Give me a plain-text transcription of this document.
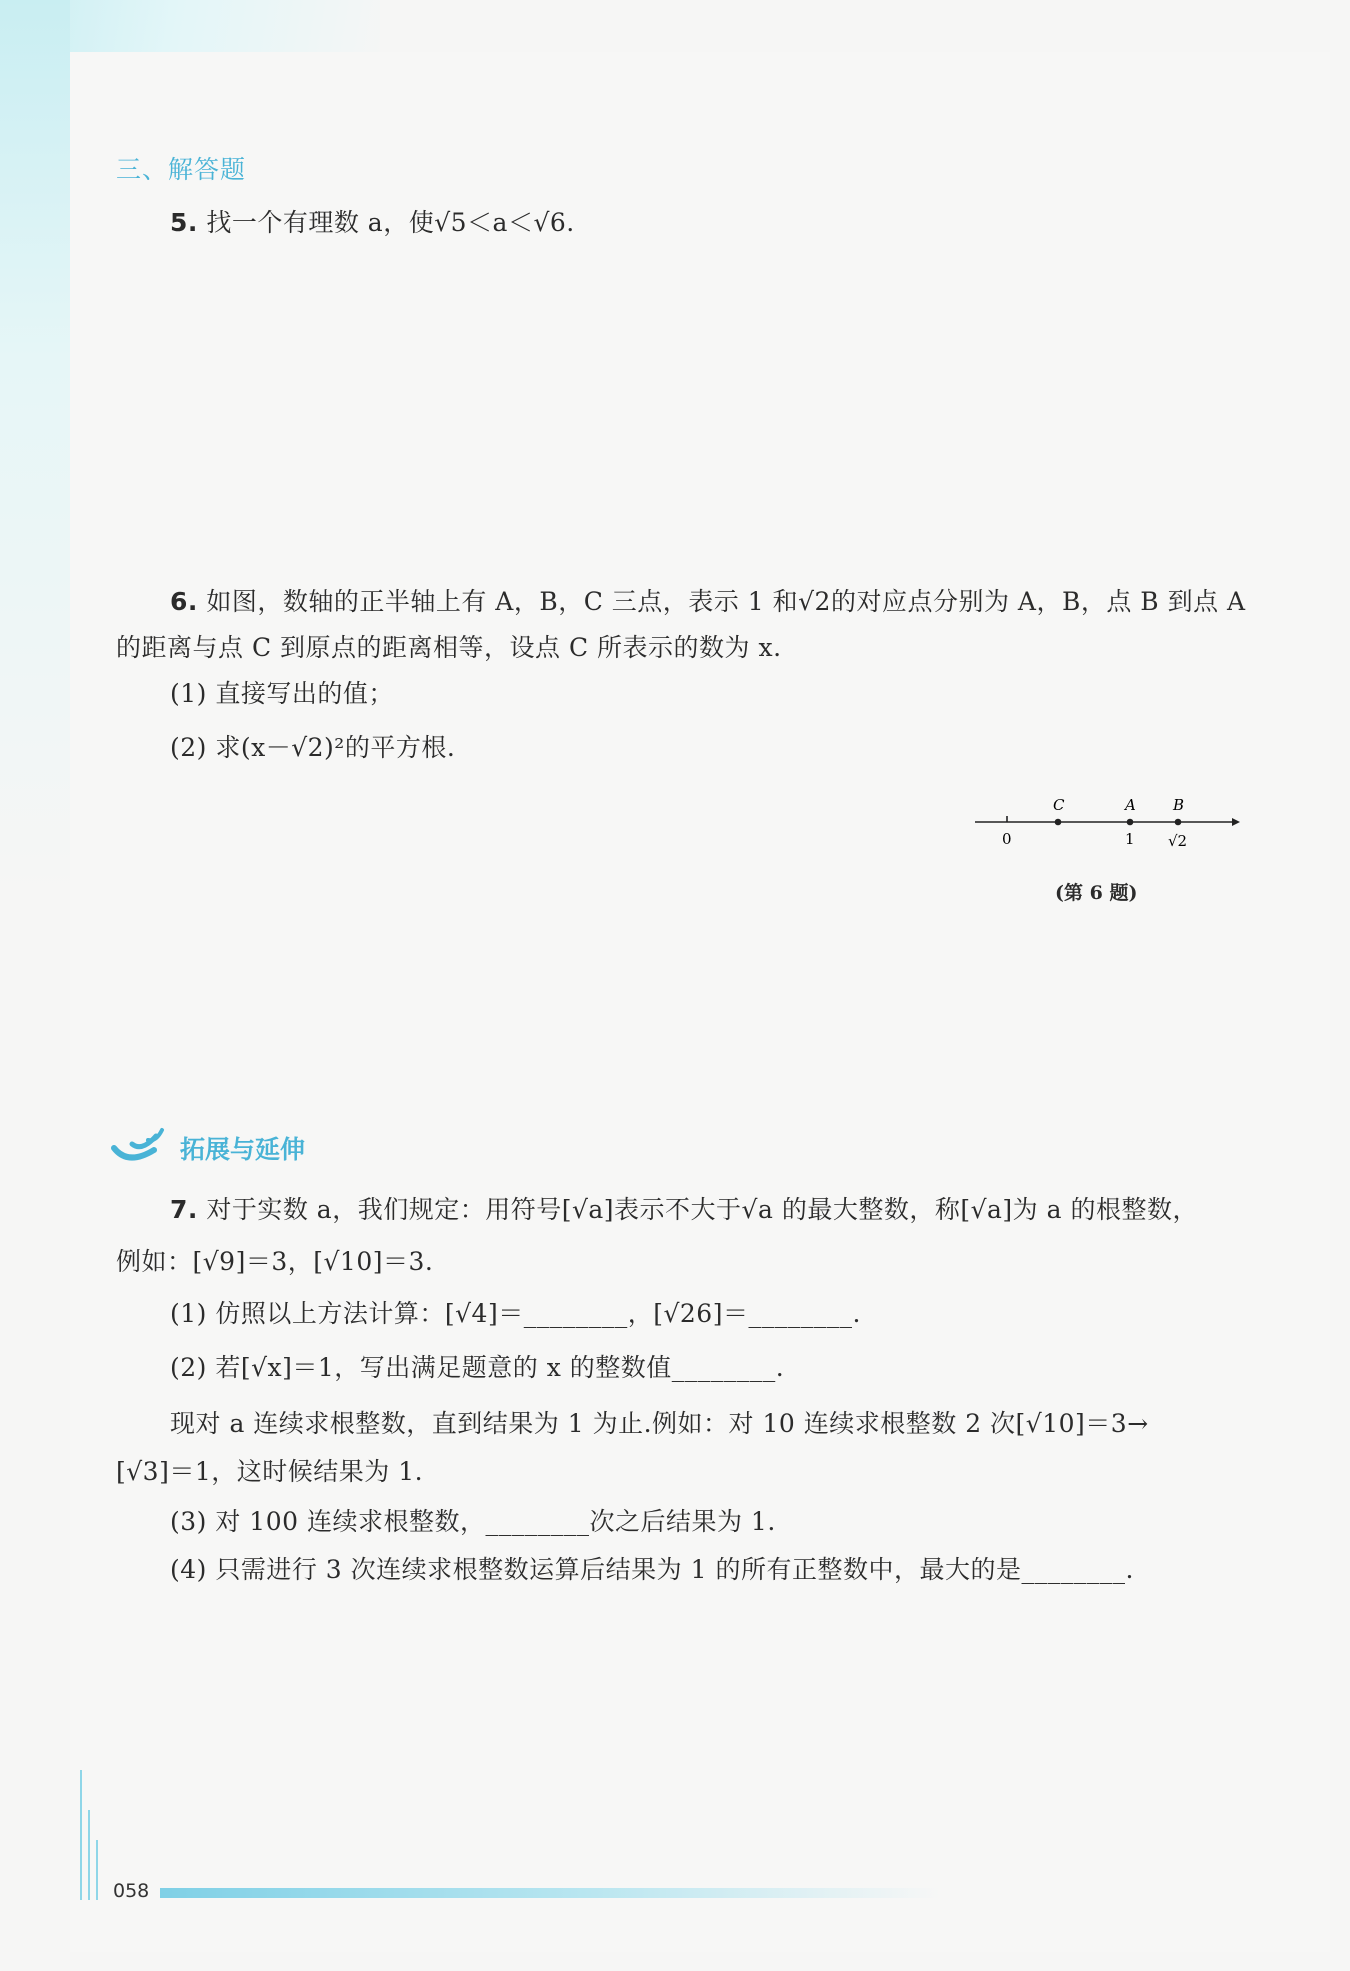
三、解答题
5. 找一个有理数 a，使√5＜a＜√6.
6. 如图，数轴的正半轴上有 A，B，C 三点，表示 1 和√2的对应点分别为 A，B，点 B 到点 A
的距离与点 C 到原点的距离相等，设点 C 所表示的数为 x.
(1) 直接写出的值；
(2) 求(x－√2)²的平方根.
C	A B
0	1 √2
(第 6 题)
拓展与延伸
7. 对于实数 a，我们规定：用符号[√a]表示不大于√a 的最大整数，称[√a]为 a 的根整数，
例如：[√9]＝3，[√10]＝3.
(1) 仿照以上方法计算：[√4]＝________，[√26]＝________.
(2) 若[√x]＝1，写出满足题意的 x 的整数值________.
现对 a 连续求根整数，直到结果为 1 为止.例如：对 10 连续求根整数 2 次[√10]＝3→
[√3]＝1，这时候结果为 1.
(3) 对 100 连续求根整数，________次之后结果为 1.
(4) 只需进行 3 次连续求根整数运算后结果为 1 的所有正整数中，最大的是________.
058
